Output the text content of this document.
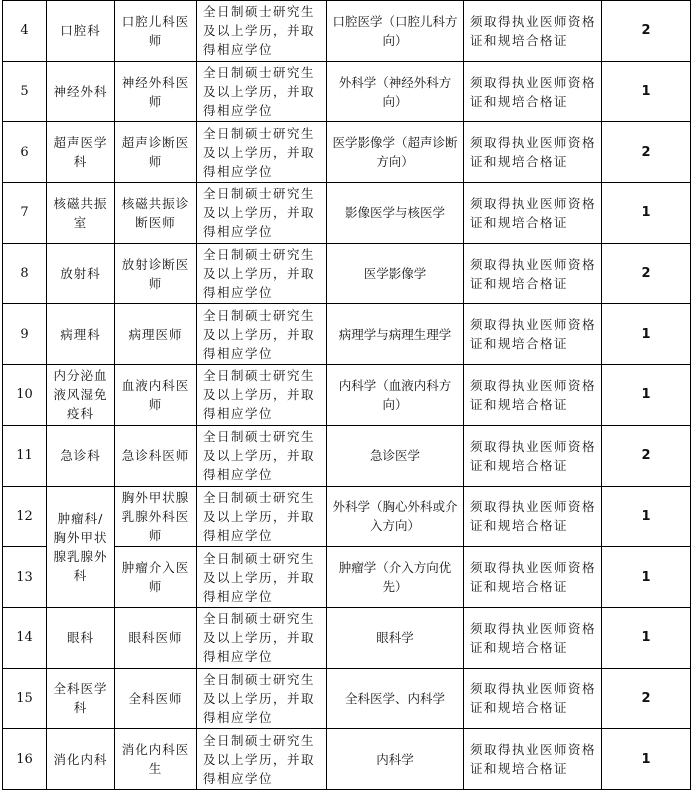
4	口腔科	口腔儿科医师	全日制硕士研究生及以上学历，并取得相应学位	口腔医学（口腔儿科方向）	须取得执业医师资格证和规培合格证	2
5	神经外科	神经外科医师	全日制硕士研究生及以上学历，并取得相应学位	外科学（神经外科方向）	须取得执业医师资格证和规培合格证	1
6	超声医学科	超声诊断医师	全日制硕士研究生及以上学历，并取得相应学位	医学影像学（超声诊断方向）	须取得执业医师资格证和规培合格证	2
7	核磁共振室	核磁共振诊断医师	全日制硕士研究生及以上学历，并取得相应学位	影像医学与核医学	须取得执业医师资格证和规培合格证	1
8	放射科	放射诊断医师	全日制硕士研究生及以上学历，并取得相应学位	医学影像学	须取得执业医师资格证和规培合格证	2
9	病理科	病理医师	全日制硕士研究生及以上学历，并取得相应学位	病理学与病理生理学	须取得执业医师资格证和规培合格证	1
10	内分泌血液风湿免疫科	血液内科医师	全日制硕士研究生及以上学历，并取得相应学位	内科学（血液内科方向）	须取得执业医师资格证和规培合格证	1
11	急诊科	急诊科医师	全日制硕士研究生及以上学历，并取得相应学位	急诊医学	须取得执业医师资格证和规培合格证	2
12	肿瘤科/胸外甲状腺乳腺外科	胸外甲状腺乳腺外科医师	全日制硕士研究生及以上学历，并取得相应学位	外科学（胸心外科或介入方向）	须取得执业医师资格证和规培合格证	1
13		肿瘤介入医师	全日制硕士研究生及以上学历，并取得相应学位	肿瘤学（介入方向优先）	须取得执业医师资格证和规培合格证	1
14	眼科	眼科医师	全日制硕士研究生及以上学历，并取得相应学位	眼科学	须取得执业医师资格证和规培合格证	1
15	全科医学科	全科医师	全日制硕士研究生及以上学历，并取得相应学位	全科医学、内科学	须取得执业医师资格证和规培合格证	2
16	消化内科	消化内科医生	全日制硕士研究生及以上学历，并取得相应学位	内科学	须取得执业医师资格证和规培合格证	1
